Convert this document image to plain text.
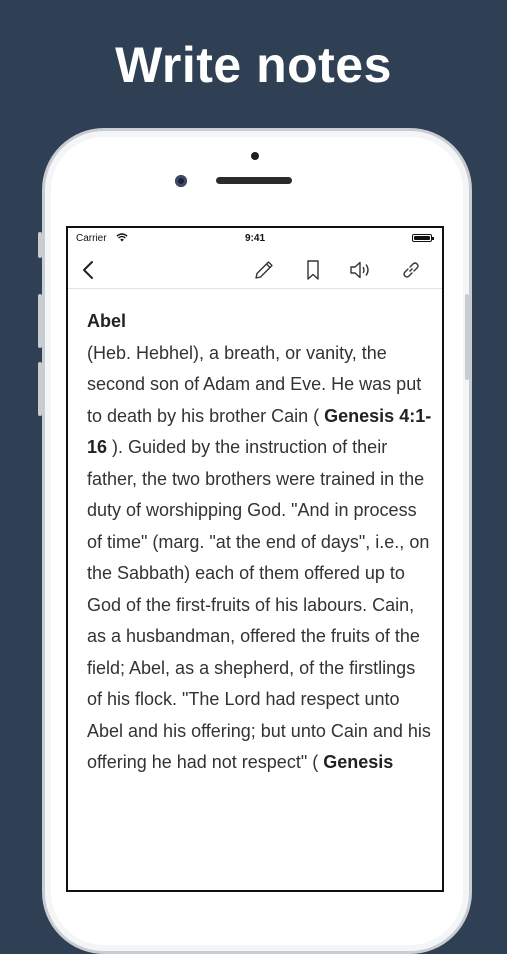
Write notes
Carrier	9:41
Abel
(Heb. Hebhel), a breath, or vanity, the second son of Adam and Eve. He was put to death by his brother Cain ( Genesis 4:1-16 ). Guided by the instruction of their father, the two brothers were trained in the duty of worshipping God. "And in process of time" (marg. "at the end of days", i.e., on the Sabbath) each of them offered up to God of the first-fruits of his labours. Cain, as a husbandman, offered the fruits of the field; Abel, as a shepherd, of the firstlings of his flock. "The Lord had respect unto Abel and his offering; but unto Cain and his offering he had not respect" ( Genesis
